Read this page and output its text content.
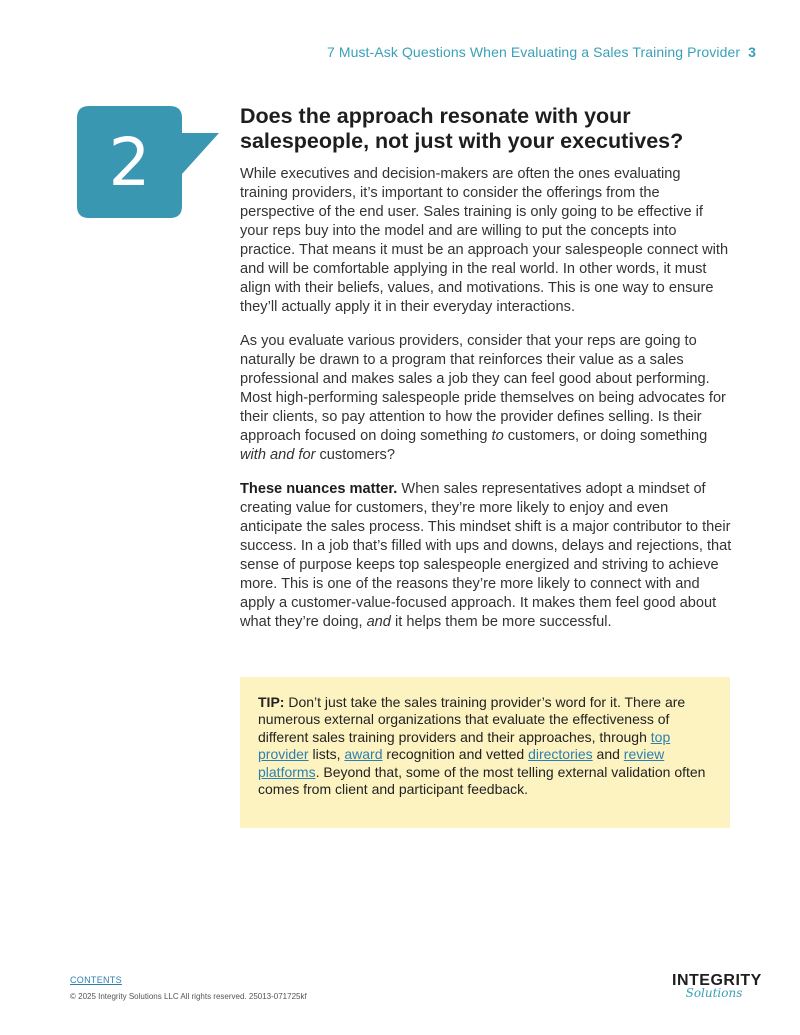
7 Must-Ask Questions When Evaluating a Sales Training Provider 3
2
Does the approach resonate with your salespeople, not just with your executives?

While executives and decision-makers are often the ones evaluating training providers, it’s important to consider the offerings from the perspective of the end user. Sales training is only going to be effective if your reps buy into the model and are willing to put the concepts into practice. That means it must be an approach your salespeople connect with and will be comfortable applying in the real world. In other words, it must align with their beliefs, values, and motivations. This is one way to ensure they’ll actually apply it in their everyday interactions.

As you evaluate various providers, consider that your reps are going to naturally be drawn to a program that reinforces their value as a sales professional and makes sales a job they can feel good about performing. Most high-performing salespeople pride themselves on being advocates for their clients, so pay attention to how the provider defines selling. Is their approach focused on doing something to customers, or doing something with and for customers?

These nuances matter. When sales representatives adopt a mindset of creating value for customers, they’re more likely to enjoy and even anticipate the sales process. This mindset shift is a major contributor to their success. In a job that’s filled with ups and downs, delays and rejections, that sense of purpose keeps top salespeople energized and striving to achieve more. This is one of the reasons they’re more likely to connect with and apply a customer-value-focused approach. It makes them feel good about what they’re doing, and it helps them be more successful.

TIP: Don’t just take the sales training provider’s word for it. There are numerous external organizations that evaluate the effectiveness of different sales training providers and their approaches, through top provider lists, award recognition and vetted directories and review platforms. Beyond that, some of the most telling external validation often comes from client and participant feedback.
CONTENTS
© 2025 Integrity Solutions LLC All rights reserved. 25013-071725kf
INTEGRITY
Solutions
